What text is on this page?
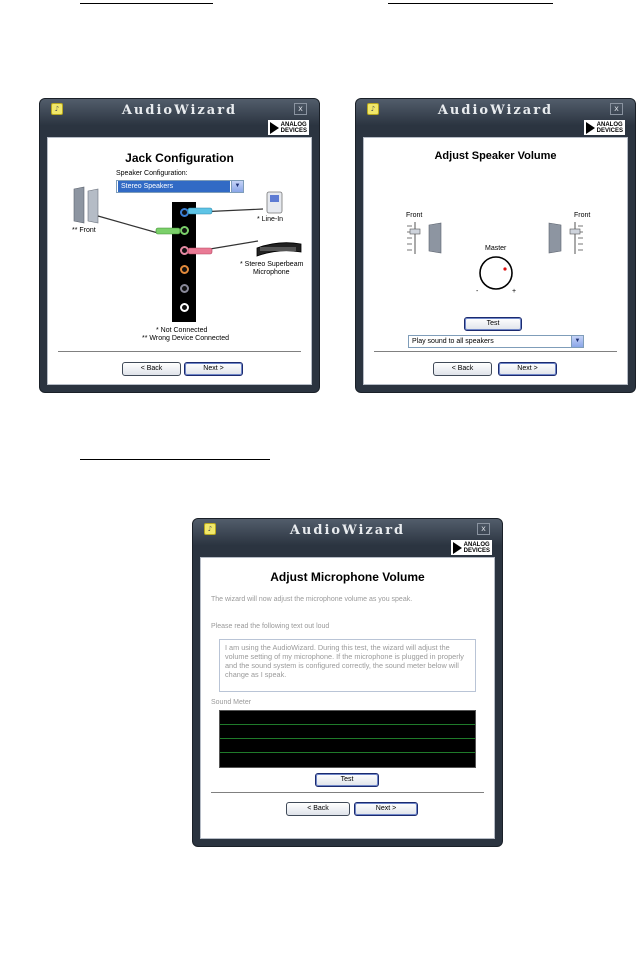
♪	AudioWizard	x
ANALOG
DEVICES
Jack Configuration
Speaker Configuration:
Stereo Speakers	▼
** Front
* Line-In
* Stereo Superbeam
Microphone
* Not Connected
** Wrong Device Connected
< Back	Next >
♪	AudioWizard	x
ANALOG
DEVICES
Adjust Speaker Volume
Front	Front
Master
-	+
Test
Play sound to all speakers	▼
< Back	Next >
♪	AudioWizard	x
ANALOG
DEVICES
Adjust Microphone Volume
The wizard will now adjust the microphone volume as you speak.
Please read the following text out loud
I am using the AudioWizard. During this test, the wizard will adjust the volume setting of my microphone. If the microphone is plugged in properly and the sound system is configured correctly, the sound meter below will change as I speak.
Sound Meter
Test
< Back	Next >
